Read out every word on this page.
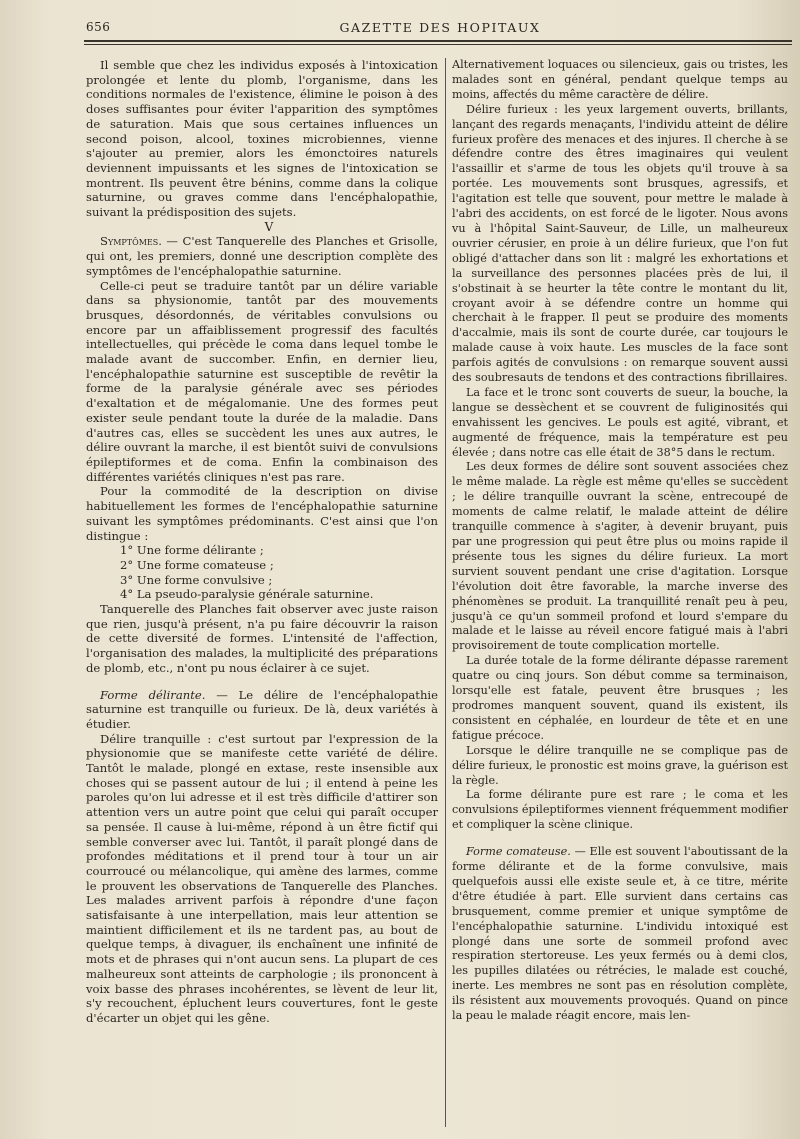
656	GAZETTE DES HOPITAUX

Il semble que chez les individus exposés à l'intoxication prolongée et lente du plomb, l'organisme, dans les conditions normales de l'existence, élimine le poison à des doses suffisantes pour éviter l'apparition des symptômes de saturation. Mais que sous certaines influences un second poison, alcool, toxines microbiennes, vienne s'ajouter au premier, alors les émonctoires naturels deviennent impuissants et les signes de l'intoxication se montrent. Ils peuvent être bénins, comme dans la colique saturnine, ou graves comme dans l'encéphalopathie, suivant la prédisposition des sujets.

V

Symptômes. — C'est Tanquerelle des Planches et Grisolle, qui ont, les premiers, donné une description complète des symptômes de l'encéphalopathie saturnine.

Celle-ci peut se traduire tantôt par un délire variable dans sa physionomie, tantôt par des mouvements brusques, désordonnés, de véritables convulsions ou encore par un affaiblissement progressif des facultés intellectuelles, qui précède le coma dans lequel tombe le malade avant de succomber. Enfin, en dernier lieu, l'encéphalopathie saturnine est susceptible de revêtir la forme de la paralysie générale avec ses périodes d'exaltation et de mégalomanie. Une des formes peut exister seule pendant toute la durée de la maladie. Dans d'autres cas, elles se succèdent les unes aux autres, le délire ouvrant la marche, il est bientôt suivi de convulsions épileptiformes et de coma. Enfin la combinaison des différentes variétés cliniques n'est pas rare.

Pour la commodité de la description on divise habituellement les formes de l'encéphalopathie saturnine suivant les symptômes prédominants. C'est ainsi que l'on distingue :

1° Une forme délirante ;

2° Une forme comateuse ;

3° Une forme convulsive ;

4° La pseudo-paralysie générale saturnine.

Tanquerelle des Planches fait observer avec juste raison que rien, jusqu'à présent, n'a pu faire découvrir la raison de cette diversité de formes. L'intensité de l'affection, l'organisation des malades, la multiplicité des préparations de plomb, etc., n'ont pu nous éclairer à ce sujet.

Forme délirante. — Le délire de l'encéphalopathie saturnine est tranquille ou furieux. De là, deux variétés à étudier.

Délire tranquille : c'est surtout par l'expression de la physionomie que se manifeste cette variété de délire. Tantôt le malade, plongé en extase, reste insensible aux choses qui se passent autour de lui ; il entend à peine les paroles qu'on lui adresse et il est très difficile d'attirer son attention vers un autre point que celui qui paraît occuper sa pensée. Il cause à lui-même, répond à un être fictif qui semble converser avec lui. Tantôt, il paraît plongé dans de profondes méditations et il prend tour à tour un air courroucé ou mélancolique, qui amène des larmes, comme le prouvent les observations de Tanquerelle des Planches. Les malades arrivent parfois à répondre d'une façon satisfaisante à une interpellation, mais leur attention se maintient difficilement et ils ne tardent pas, au bout de quelque temps, à divaguer, ils enchaînent une infinité de mots et de phrases qui n'ont aucun sens. La plupart de ces malheureux sont atteints de carphologie ; ils prononcent à voix basse des phrases incohérentes, se lèvent de leur lit, s'y recouchent, épluchent leurs couvertures, font le geste d'écarter un objet qui les gêne.

Alternativement loquaces ou silencieux, gais ou tristes, les malades sont en général, pendant quelque temps au moins, affectés du même caractère de délire.

Délire furieux : les yeux largement ouverts, brillants, lançant des regards menaçants, l'individu atteint de délire furieux profère des menaces et des injures. Il cherche à se défendre contre des êtres imaginaires qui veulent l'assaillir et s'arme de tous les objets qu'il trouve à sa portée. Les mouvements sont brusques, agressifs, et l'agitation est telle que souvent, pour mettre le malade à l'abri des accidents, on est forcé de le ligoter. Nous avons vu à l'hôpital Saint-Sauveur, de Lille, un malheureux ouvrier cérusier, en proie à un délire furieux, que l'on fut obligé d'attacher dans son lit : malgré les exhortations et la surveillance des personnes placées près de lui, il s'obstinait à se heurter la tête contre le montant du lit, croyant avoir à se défendre contre un homme qui cherchait à le frapper. Il peut se produire des moments d'accalmie, mais ils sont de courte durée, car toujours le malade cause à voix haute. Les muscles de la face sont parfois agités de convulsions : on remarque souvent aussi des soubresauts de tendons et des contractions fibrillaires.

La face et le tronc sont couverts de sueur, la bouche, la langue se dessèchent et se couvrent de fuliginosités qui envahissent les gencives. Le pouls est agité, vibrant, et augmenté de fréquence, mais la température est peu élevée ; dans notre cas elle était de 38°5 dans le rectum.

Les deux formes de délire sont souvent associées chez le même malade. La règle est même qu'elles se succèdent ; le délire tranquille ouvrant la scène, entrecoupé de moments de calme relatif, le malade atteint de délire tranquille commence à s'agiter, à devenir bruyant, puis par une progression qui peut être plus ou moins rapide il présente tous les signes du délire furieux. La mort survient souvent pendant une crise d'agitation. Lorsque l'évolution doit être favorable, la marche inverse des phénomènes se produit. La tranquillité renaît peu à peu, jusqu'à ce qu'un sommeil profond et lourd s'empare du malade et le laisse au réveil encore fatigué mais à l'abri provisoirement de toute complication mortelle.

La durée totale de la forme délirante dépasse rarement quatre ou cinq jours. Son début comme sa terminaison, lorsqu'elle est fatale, peuvent être brusques ; les prodromes manquent souvent, quand ils existent, ils consistent en céphalée, en lourdeur de tête et en une fatigue précoce.

Lorsque le délire tranquille ne se complique pas de délire furieux, le pronostic est moins grave, la guérison est la règle.

La forme délirante pure est rare ; le coma et les convulsions épileptiformes viennent fréquemment modifier et compliquer la scène clinique.

Forme comateuse. — Elle est souvent l'aboutissant de la forme délirante et de la forme convulsive, mais quelquefois aussi elle existe seule et, à ce titre, mérite d'être étudiée à part. Elle survient dans certains cas brusquement, comme premier et unique symptôme de l'encéphalopathie saturnine. L'individu intoxiqué est plongé dans une sorte de sommeil profond avec respiration stertoreuse. Les yeux fermés ou à demi clos, les pupilles dilatées ou rétrécies, le malade est couché, inerte. Les membres ne sont pas en résolution complète, ils résistent aux mouvements provoqués. Quand on pince la peau le malade réagit encore, mais len-
